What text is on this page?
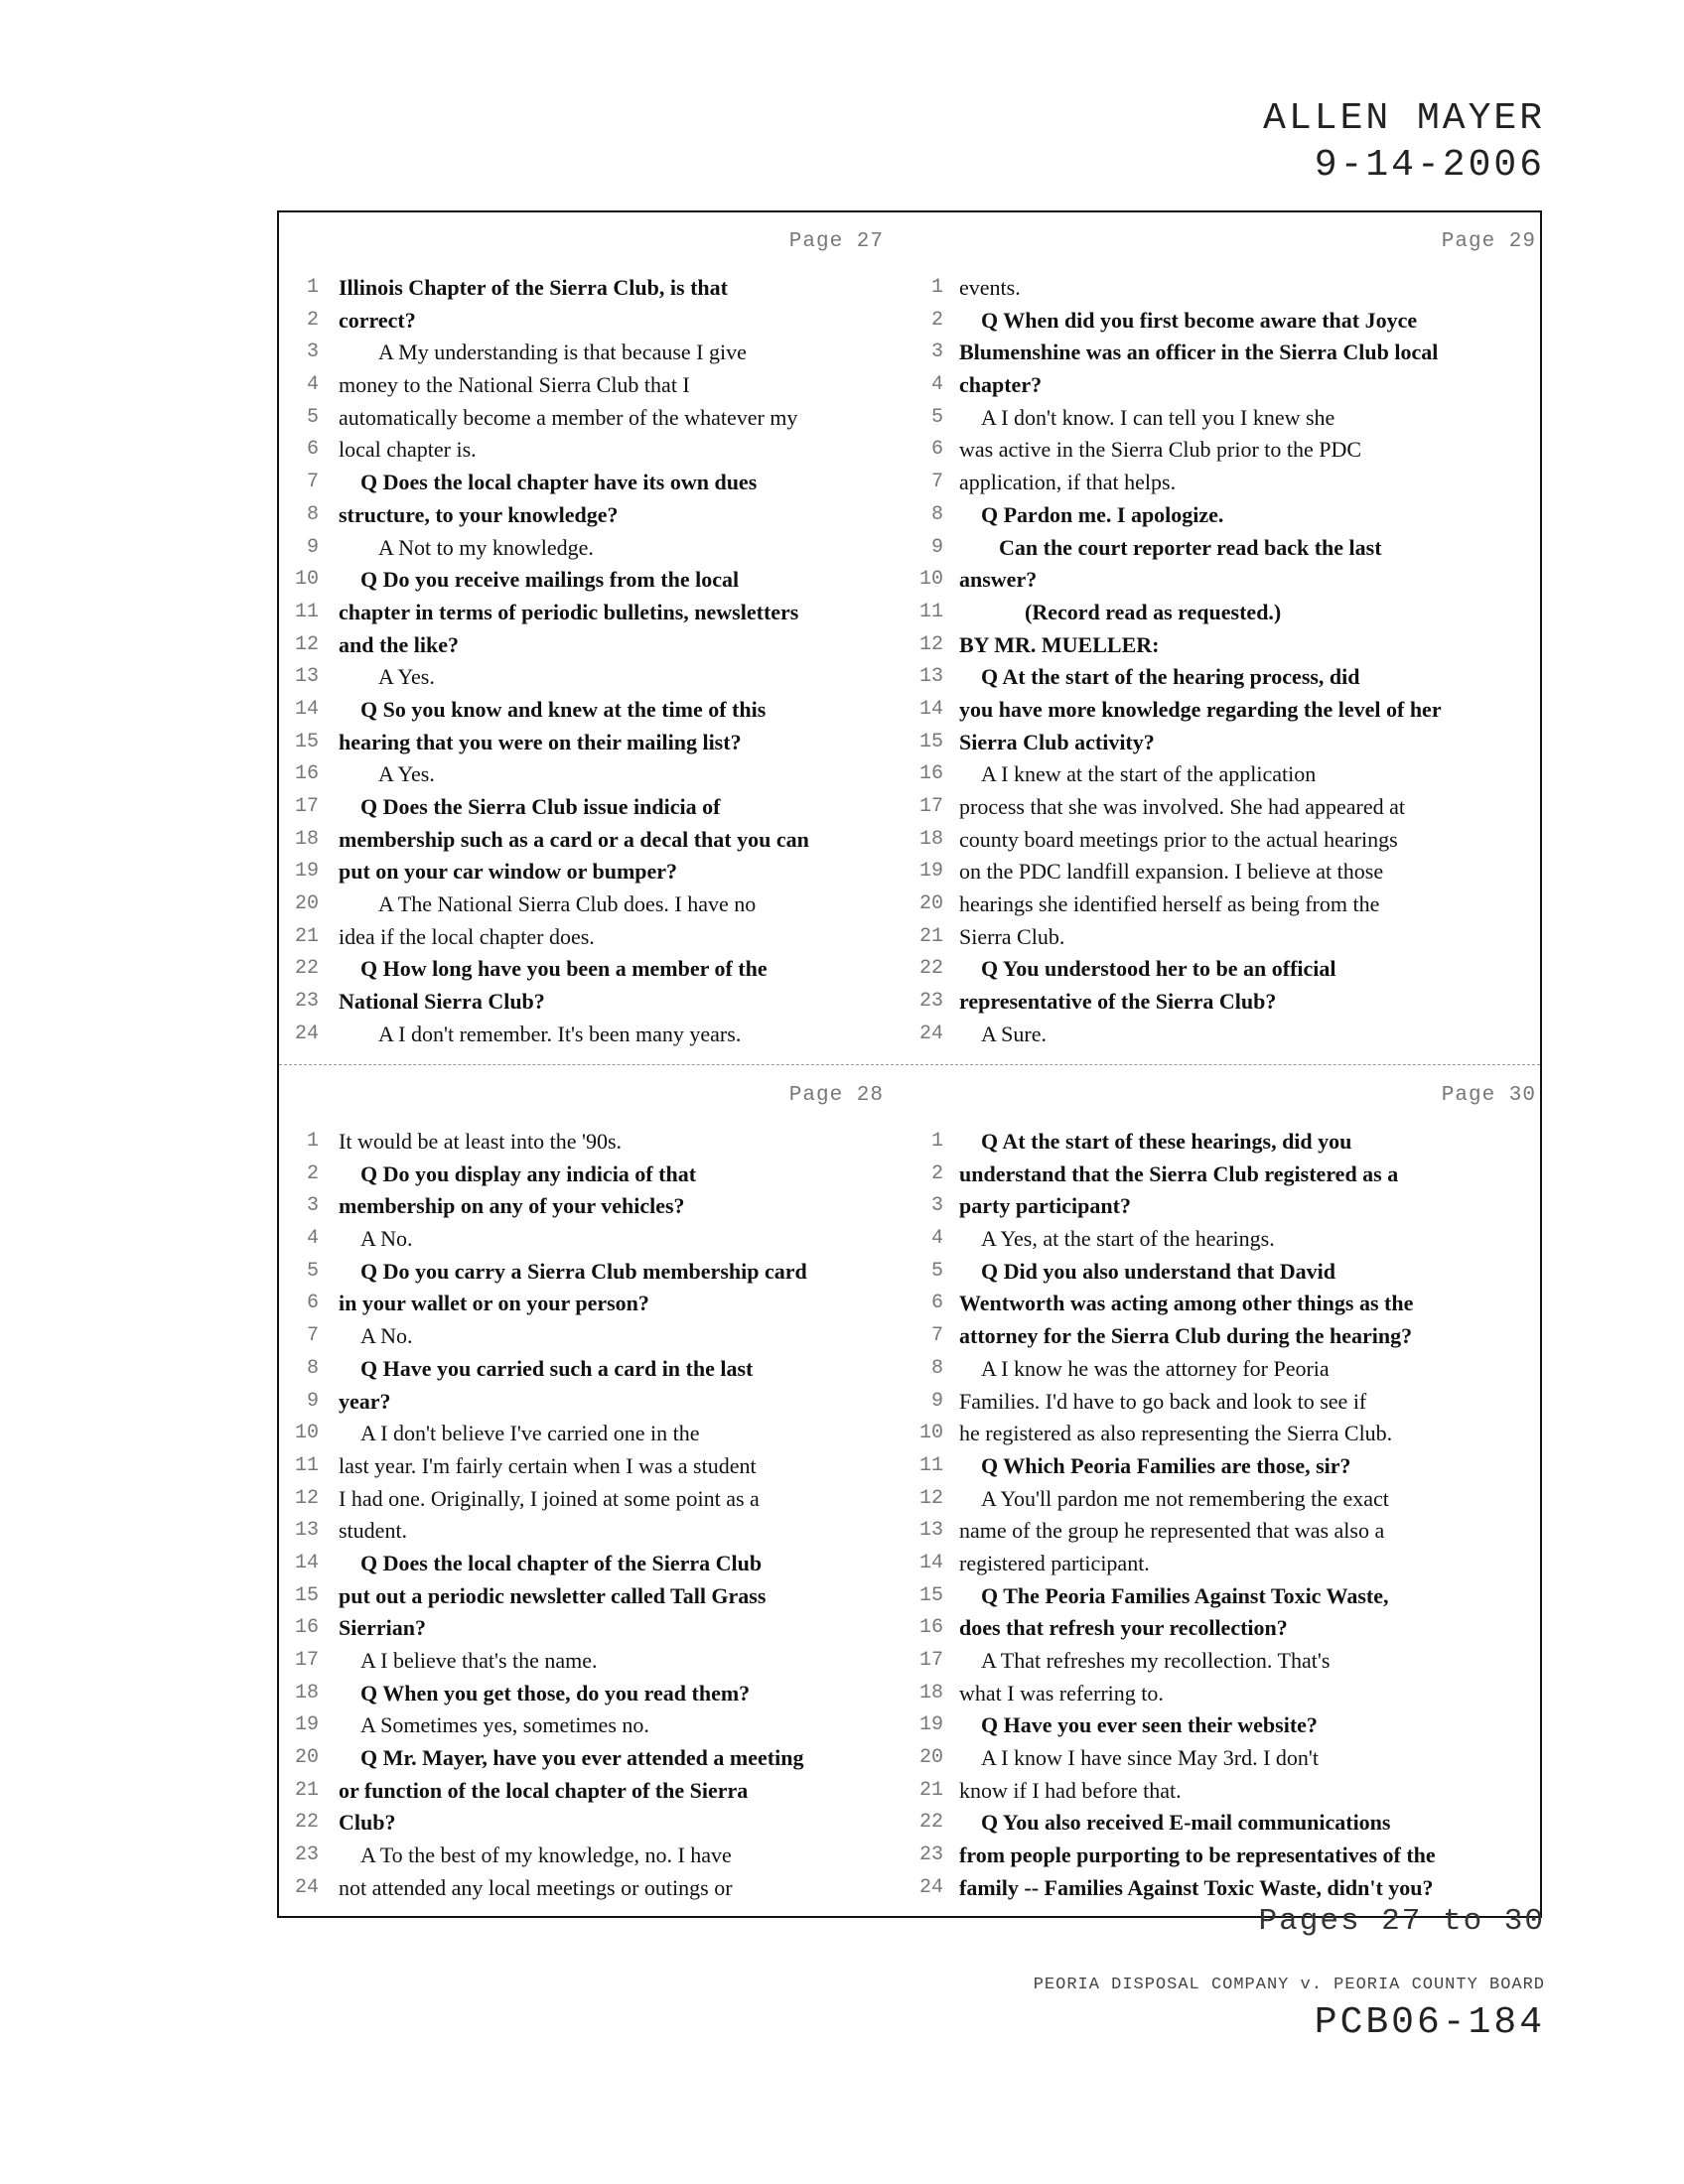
ALLEN MAYER
9-14-2006
Page 27
1 Illinois Chapter of the Sierra Club, is that
2 correct?
3	A My understanding is that because I give
4 money to the National Sierra Club that I
5 automatically become a member of the whatever my
6 local chapter is.
7	Q Does the local chapter have its own dues
8 structure, to your knowledge?
9	A Not to my knowledge.
10	Q Do you receive mailings from the local
11 chapter in terms of periodic bulletins, newsletters
12 and the like?
13	A Yes.
14	Q So you know and knew at the time of this
15 hearing that you were on their mailing list?
16	A Yes.
17	Q Does the Sierra Club issue indicia of
18 membership such as a card or a decal that you can
19 put on your car window or bumper?
20	A The National Sierra Club does. I have no
21 idea if the local chapter does.
22	Q How long have you been a member of the
23 National Sierra Club?
24	A I don't remember. It's been many years.
Page 29
1 events.
2	Q When did you first become aware that Joyce
3 Blumenshine was an officer in the Sierra Club local
4 chapter?
5	A I don't know. I can tell you I knew she
6 was active in the Sierra Club prior to the PDC
7 application, if that helps.
8	Q Pardon me. I apologize.
9	Can the court reporter read back the last
10 answer?
11	(Record read as requested.)
12 BY MR. MUELLER:
13	Q At the start of the hearing process, did
14 you have more knowledge regarding the level of her
15 Sierra Club activity?
16	A I knew at the start of the application
17 process that she was involved. She had appeared at
18 county board meetings prior to the actual hearings
19 on the PDC landfill expansion. I believe at those
20 hearings she identified herself as being from the
21 Sierra Club.
22	Q You understood her to be an official
23 representative of the Sierra Club?
24	A Sure.
Page 28
1 It would be at least into the '90s.
2	Q Do you display any indicia of that
3 membership on any of your vehicles?
4	A No.
5	Q Do you carry a Sierra Club membership card
6 in your wallet or on your person?
7	A No.
8	Q Have you carried such a card in the last
9 year?
10	A I don't believe I've carried one in the
11 last year. I'm fairly certain when I was a student
12 I had one. Originally, I joined at some point as a
13 student.
14	Q Does the local chapter of the Sierra Club
15 put out a periodic newsletter called Tall Grass
16 Sierrian?
17	A I believe that's the name.
18	Q When you get those, do you read them?
19	A Sometimes yes, sometimes no.
20	Q Mr. Mayer, have you ever attended a meeting
21 or function of the local chapter of the Sierra
22 Club?
23	A To the best of my knowledge, no. I have
24 not attended any local meetings or outings or
Page 30
1	Q At the start of these hearings, did you
2 understand that the Sierra Club registered as a
3 party participant?
4	A Yes, at the start of the hearings.
5	Q Did you also understand that David
6 Wentworth was acting among other things as the
7 attorney for the Sierra Club during the hearing?
8	A I know he was the attorney for Peoria
9 Families. I'd have to go back and look to see if
10 he registered as also representing the Sierra Club.
11	Q Which Peoria Families are those, sir?
12	A You'll pardon me not remembering the exact
13 name of the group he represented that was also a
14 registered participant.
15	Q The Peoria Families Against Toxic Waste,
16 does that refresh your recollection?
17	A That refreshes my recollection. That's
18 what I was referring to.
19	Q Have you ever seen their website?
20	A I know I have since May 3rd. I don't
21 know if I had before that.
22	Q You also received E-mail communications
23 from people purporting to be representatives of the
24 family -- Families Against Toxic Waste, didn't you?

Pages 27 to 30

PEORIA DISPOSAL COMPANY v. PEORIA COUNTY BOARD

PCB06-184
